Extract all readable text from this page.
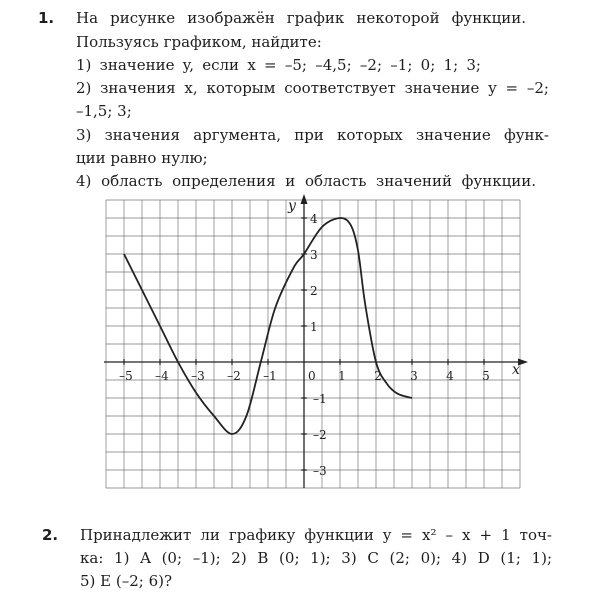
1. На рисунке изображён график некоторой функции.
Пользуясь графиком, найдите:
1) значение y, если x = –5; –4,5; –2; –1; 0; 1; 3;
2) значения x, которым соответствует значение y = –2;
–1,5; 3;
3) значения аргумента, при которых значение функ-
ции равно нулю;
4) область определения и область значений функции.
–5 –4 –3 –2 –1	1 2 3 4 5
4
3
2
1
–1
–2
–3
x
y
0
2. Принадлежит ли графику функции y = x² – x + 1 точ-
ка: 1) A (0; –1); 2) B (0; 1); 3) C (2; 0); 4) D (1; 1);
5) E (–2; 6)?
